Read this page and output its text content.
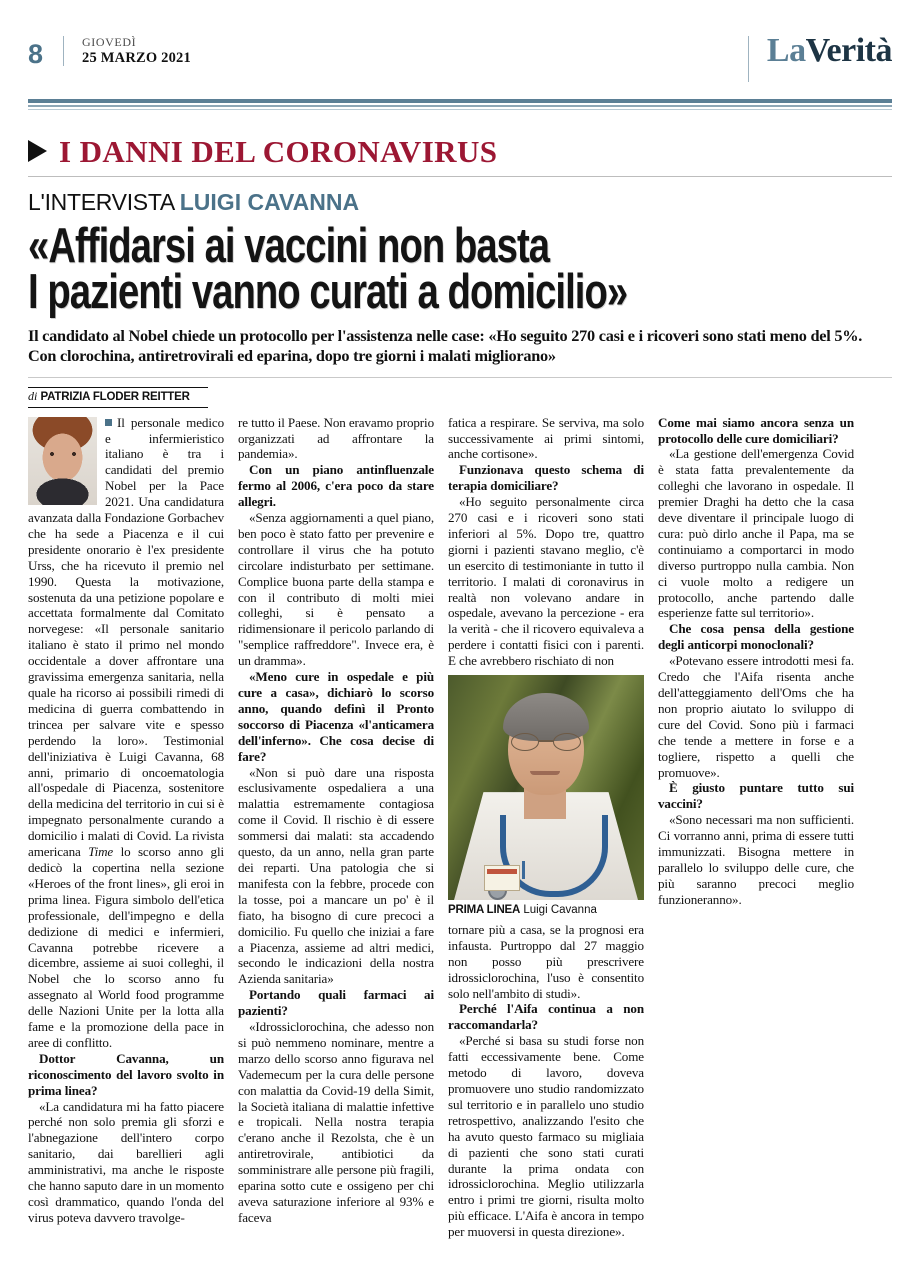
8	GIOVEDÌ
25 MARZO 2021	LaVerità
I DANNI DEL CORONAVIRUS
L'INTERVISTA LUIGI CAVANNA
«Affidarsi ai vaccini non basta
I pazienti vanno curati a domicilio»
Il candidato al Nobel chiede un protocollo per l'assistenza nelle case: «Ho seguito 270 casi e i ricoveri sono stati meno del 5%. Con clorochina, antiretrovirali ed eparina, dopo tre giorni i malati migliorano»
di PATRIZIA FLODER REITTER

Il personale medico e infermieristico italiano è tra i candidati del premio Nobel per la Pace 2021. Una candidatura avanzata dalla Fondazione Gorbachev che ha sede a Piacenza e il cui presidente onorario è l'ex presidente Urss, che ha ricevuto il premio nel 1990. Questa la motivazione, sostenuta da una petizione popolare e accettata formalmente dal Comitato norvegese: «Il personale sanitario italiano è stato il primo nel mondo occidentale a dover affrontare una gravissima emergenza sanitaria, nella quale ha ricorso ai possibili rimedi di medicina di guerra combattendo in trincea per salvare vite e spesso perdendo la loro». Testimonial dell'iniziativa è Luigi Cavanna, 68 anni, primario di oncoematologia all'ospedale di Piacenza, sostenitore della medicina del territorio in cui si è impegnato personalmente curando a domicilio i malati di Covid. La rivista americana Time lo scorso anno gli dedicò la copertina nella sezione «Heroes of the front lines», gli eroi in prima linea. Figura simbolo dell'etica professionale, dell'impegno e della dedizione di medici e infermieri, Cavanna potrebbe ricevere a dicembre, assieme ai suoi colleghi, il Nobel che lo scorso anno fu assegnato al World food programme delle Nazioni Unite per la lotta alla fame e la promozione della pace in aree di conflitto.

Dottor Cavanna, un riconoscimento del lavoro svolto in prima linea?

«La candidatura mi ha fatto piacere perché non solo premia gli sforzi e l'abnegazione dell'intero corpo sanitario, dai barellieri agli amministrativi, ma anche le risposte che hanno saputo dare in un momento così drammatico, quando l'onda del virus poteva davvero travolge-

re tutto il Paese. Non eravamo proprio organizzati ad affrontare la pandemia».

Con un piano antinfluenzale fermo al 2006, c'era poco da stare allegri.

«Senza aggiornamenti a quel piano, ben poco è stato fatto per prevenire e controllare il virus che ha potuto circolare indisturbato per settimane. Complice buona parte della stampa e con il contributo di molti miei colleghi, si è pensato a ridimensionare il pericolo parlando di "semplice raffreddore". Invece era, è un dramma».

«Meno cure in ospedale e più cure a casa», dichiarò lo scorso anno, quando definì il Pronto soccorso di Piacenza «l'anticamera dell'inferno». Che cosa decise di fare?

«Non si può dare una risposta esclusivamente ospedaliera a una malattia estremamente contagiosa come il Covid. Il rischio è di essere sommersi dai malati: sta accadendo questo, da un anno, nella gran parte dei reparti. Una patologia che si manifesta con la febbre, procede con la tosse, poi a mancare un po' è il fiato, ha bisogno di cure precoci a domicilio. Fu quello che iniziai a fare a Piacenza, assieme ad altri medici, secondo le indicazioni della nostra Azienda sanitaria»

Portando quali farmaci ai pazienti?

«Idrossiclorochina, che adesso non si può nemmeno nominare, mentre a marzo dello scorso anno figurava nel Vademecum per la cura delle persone con malattia da Covid-19 della Simit, la Società italiana di malattie infettive e tropicali. Nella nostra terapia c'erano anche il Rezolsta, che è un antiretrovirale, antibiotici da somministrare alle persone più fragili, eparina sotto cute e ossigeno per chi aveva saturazione inferiore al 93% e faceva

fatica a respirare. Se serviva, ma solo successivamente ai primi sintomi, anche cortisone».

Funzionava questo schema di terapia domiciliare?

«Ho seguito personalmente circa 270 casi e i ricoveri sono stati inferiori al 5%. Dopo tre, quattro giorni i pazienti stavano meglio, c'è un esercito di testimoniante in tutto il territorio. I malati di coronavirus in realtà non volevano andare in ospedale, avevano la percezione - era la verità - che il ricovero equivaleva a perdere i contatti fisici con i parenti. E che avrebbero rischiato di non

PRIMA LINEA Luigi Cavanna

tornare più a casa, se la prognosi era infausta. Purtroppo dal 27 maggio non posso più prescrivere idrossiclorochina, l'uso è consentito solo nell'ambito di studi».

Perché l'Aifa continua a non raccomandarla?

«Perché si basa su studi forse non fatti eccessivamente bene. Come metodo di lavoro, doveva promuovere uno studio randomizzato sul territorio e in parallelo uno studio retrospettivo, analizzando l'esito che ha avuto questo farmaco su migliaia di pazienti che sono stati curati durante la prima ondata con idrossiclorochina. Meglio utilizzarla entro i primi tre giorni, risulta molto più efficace. L'Aifa è ancora in tempo per muoversi in questa direzione».

Come mai siamo ancora senza un protocollo delle cure domiciliari?

«La gestione dell'emergenza Covid è stata fatta prevalentemente da colleghi che lavorano in ospedale. Il premier Draghi ha detto che la casa deve diventare il principale luogo di cura: può dirlo anche il Papa, ma se continuiamo a comportarci in modo diverso purtroppo nulla cambia. Non ci vuole molto a redigere un protocollo, anche partendo dalle esperienze fatte sul territorio».

Che cosa pensa della gestione degli anticorpi monoclonali?

«Potevano essere introdotti mesi fa. Credo che l'Aifa risenta anche dell'atteggiamento dell'Oms che ha non proprio aiutato lo sviluppo di cure del Covid. Sono più i farmaci che tende a mettere in forse e a togliere, rispetto a quelli che promuove».

È giusto puntare tutto sui vaccini?

«Sono necessari ma non sufficienti. Ci vorranno anni, prima di essere tutti immunizzati. Bisogna mettere in parallelo lo sviluppo delle cure, che più saranno precoci meglio funzioneranno».
